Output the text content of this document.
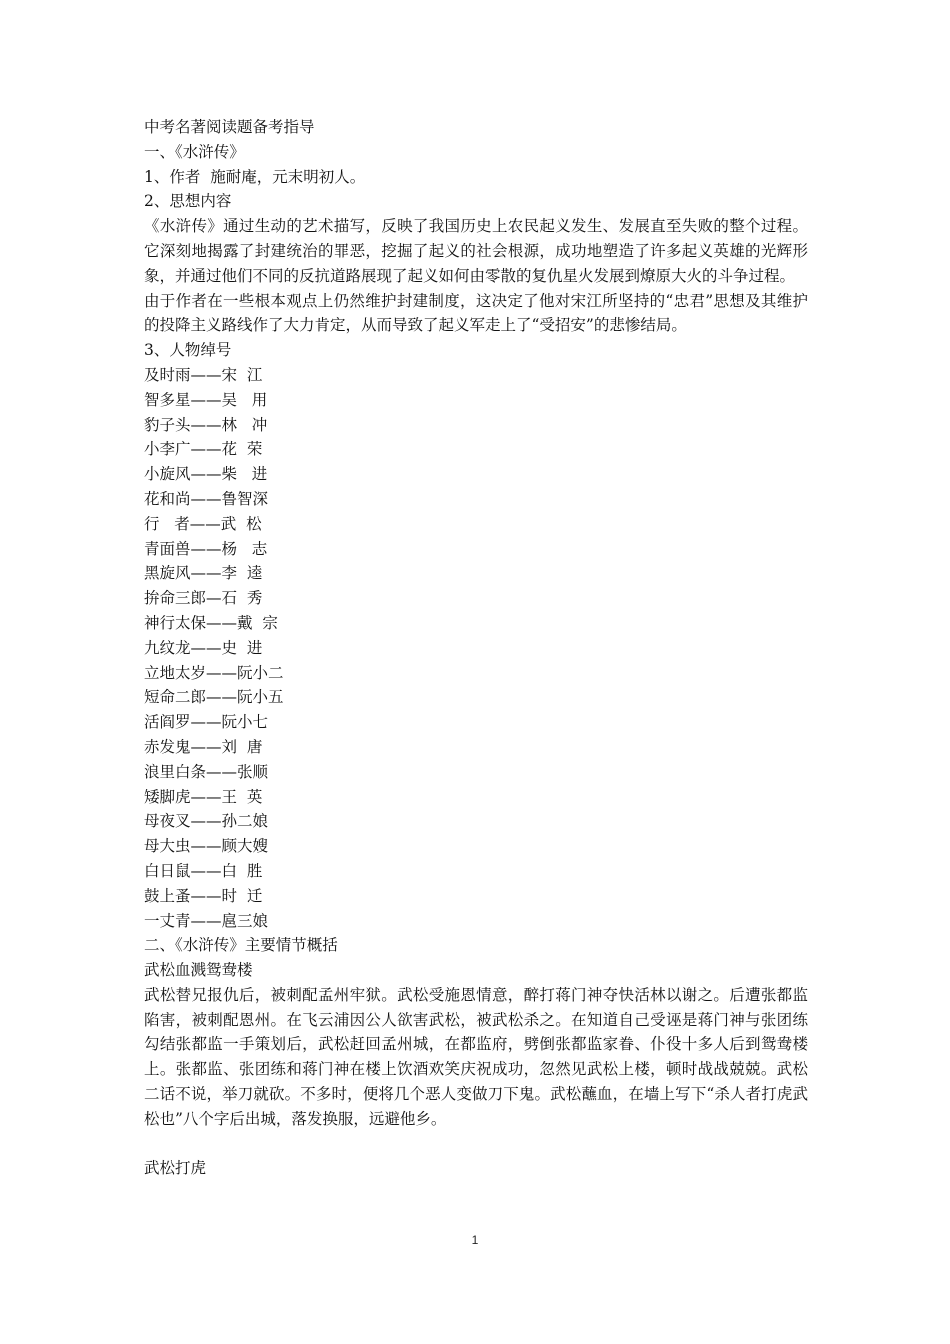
中考名著阅读题备考指导
一、《水浒传》
1、作者  施耐庵，元末明初人。
2、思想内容
《水浒传》通过生动的艺术描写，反映了我国历史上农民起义发生、发展直至失败的整个过程。它深刻地揭露了封建统治的罪恶，挖掘了起义的社会根源，成功地塑造了许多起义英雄的光辉形象，并通过他们不同的反抗道路展现了起义如何由零散的复仇星火发展到燎原大火的斗争过程。
由于作者在一些根本观点上仍然维护封建制度，这决定了他对宋江所坚持的“忠君”思想及其维护的投降主义路线作了大力肯定，从而导致了起义军走上了“受招安”的悲惨结局。
3、人物绰号
及时雨——宋  江
智多星——吴   用
豹子头——林   冲
小李广——花  荣
小旋风——柴   进
花和尚——鲁智深
行   者——武  松
青面兽——杨   志
黑旋风——李  逵
拚命三郎—石  秀
神行太保——戴  宗
九纹龙——史  进
立地太岁——阮小二
短命二郎——阮小五
活阎罗——阮小七
赤发鬼——刘  唐
浪里白条——张顺
矮脚虎——王  英
母夜叉——孙二娘
母大虫——顾大嫂
白日鼠——白  胜
鼓上蚤——时  迁
一丈青——扈三娘
二、《水浒传》主要情节概括
武松血溅鸳鸯楼
武松替兄报仇后，被刺配孟州牢狱。武松受施恩情意，醉打蒋门神夺快活林以谢之。后遭张都监陷害，被刺配恩州。在飞云浦因公人欲害武松，被武松杀之。在知道自己受诬是蒋门神与张团练勾结张都监一手策划后，武松赶回孟州城，在都监府，劈倒张都监家眷、仆役十多人后到鸳鸯楼上。张都监、张团练和蒋门神在楼上饮酒欢笑庆祝成功，忽然见武松上楼，顿时战战兢兢。武松二话不说，举刀就砍。不多时，便将几个恶人变做刀下鬼。武松蘸血，在墙上写下“杀人者打虎武松也”八个字后出城，落发换服，远避他乡。
武松打虎
1
